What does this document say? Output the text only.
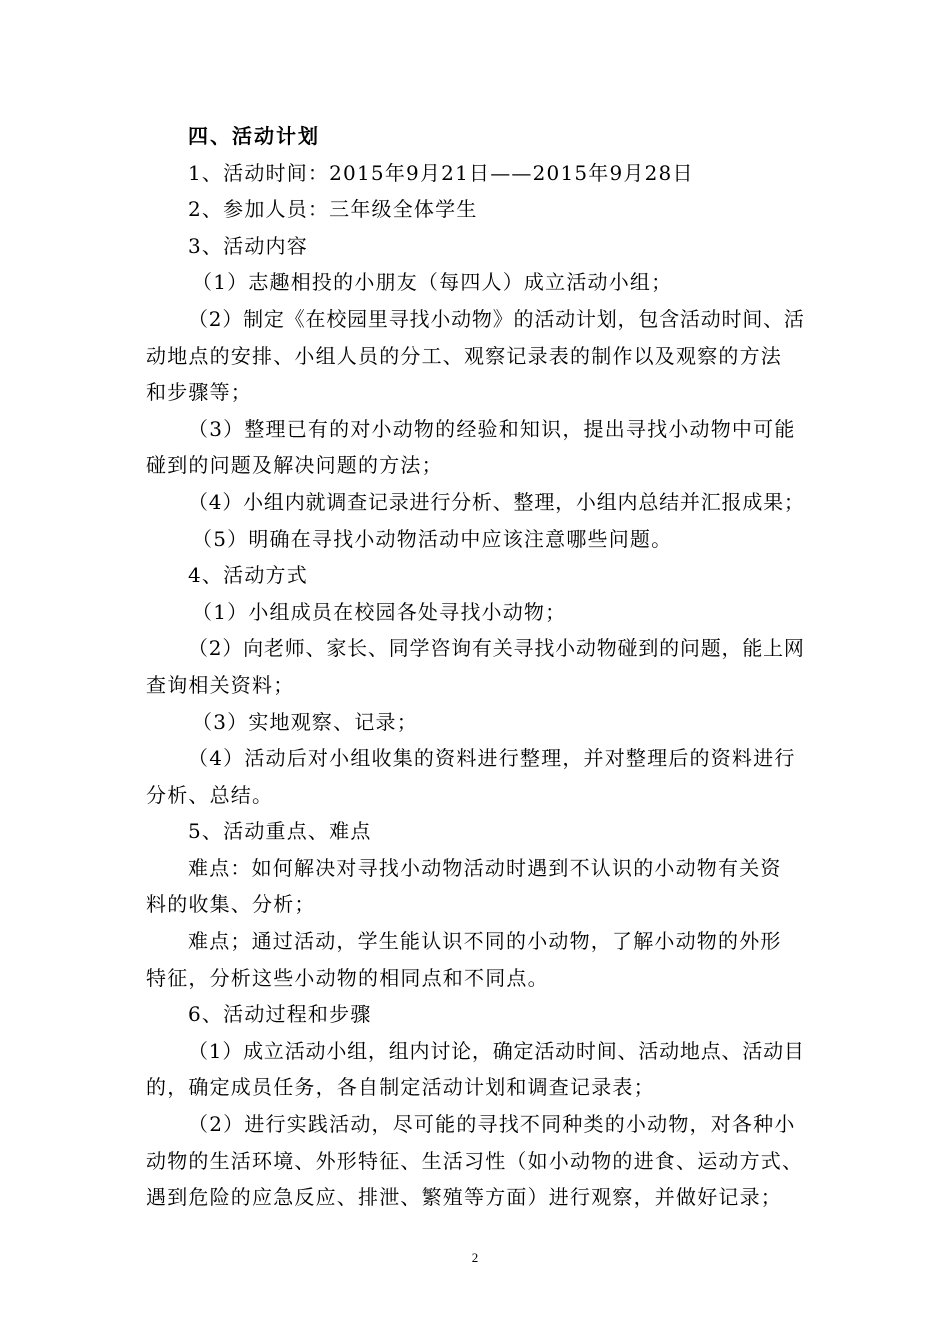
四、活动计划
1、活动时间：2015年9月21日——2015年9月28日
2、参加人员：三年级全体学生
3、活动内容
（1）志趣相投的小朋友（每四人）成立活动小组；
（2）制定《在校园里寻找小动物》的活动计划，包含活动时间、活
动地点的安排、小组人员的分工、观察记录表的制作以及观察的方法
和步骤等；
（3）整理已有的对小动物的经验和知识，提出寻找小动物中可能
碰到的问题及解决问题的方法；
（4）小组内就调查记录进行分析、整理，小组内总结并汇报成果；
（5）明确在寻找小动物活动中应该注意哪些问题。
4、活动方式
（1）小组成员在校园各处寻找小动物；
（2）向老师、家长、同学咨询有关寻找小动物碰到的问题，能上网
查询相关资料；
（3）实地观察、记录；
（4）活动后对小组收集的资料进行整理，并对整理后的资料进行
分析、总结。
5、活动重点、难点
难点：如何解决对寻找小动物活动时遇到不认识的小动物有关资
料的收集、分析；
难点；通过活动，学生能认识不同的小动物，了解小动物的外形
特征，分析这些小动物的相同点和不同点。
6、活动过程和步骤
（1）成立活动小组，组内讨论，确定活动时间、活动地点、活动目
的，确定成员任务，各自制定活动计划和调查记录表；
（2）进行实践活动，尽可能的寻找不同种类的小动物，对各种小
动物的生活环境、外形特征、生活习性（如小动物的进食、运动方式、
遇到危险的应急反应、排泄、繁殖等方面）进行观察，并做好记录；
2
